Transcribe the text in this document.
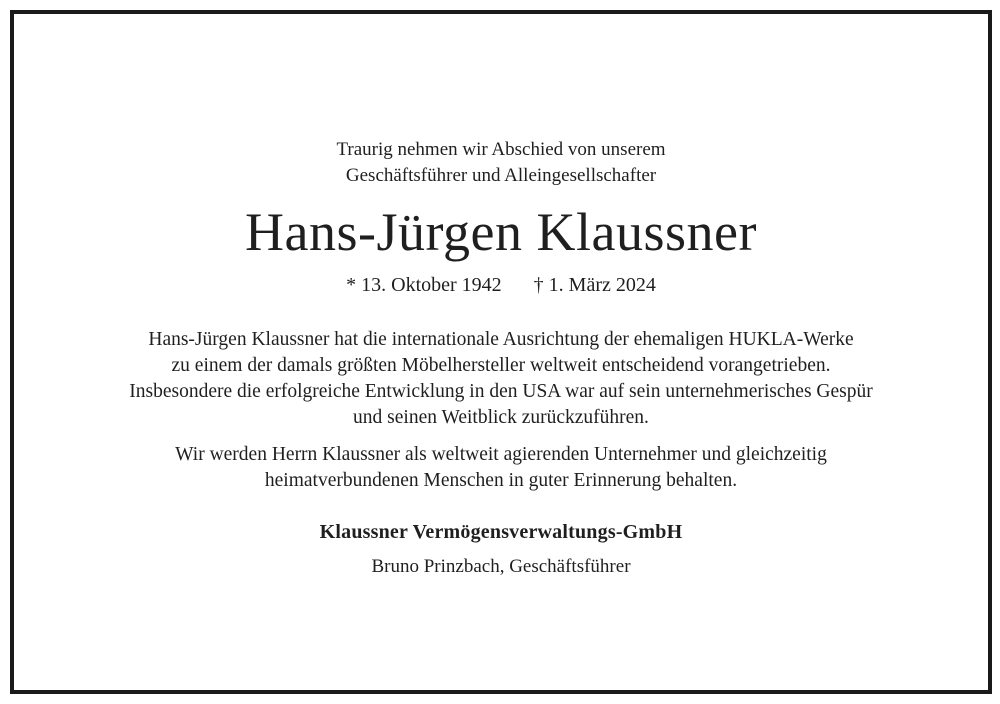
Traurig nehmen wir Abschied von unserem
Geschäftsführer und Alleingesellschafter
Hans-Jürgen Klaussner
* 13. Oktober 1942 † 1. März 2024
Hans-Jürgen Klaussner hat die internationale Ausrichtung der ehemaligen HUKLA-Werke
zu einem der damals größten Möbelhersteller weltweit entscheidend vorangetrieben.
Insbesondere die erfolgreiche Entwicklung in den USA war auf sein unternehmerisches Gespür
und seinen Weitblick zurückzuführen.
Wir werden Herrn Klaussner als weltweit agierenden Unternehmer und gleichzeitig
heimatverbundenen Menschen in guter Erinnerung behalten.
Klaussner Vermögensverwaltungs-GmbH
Bruno Prinzbach, Geschäftsführer
